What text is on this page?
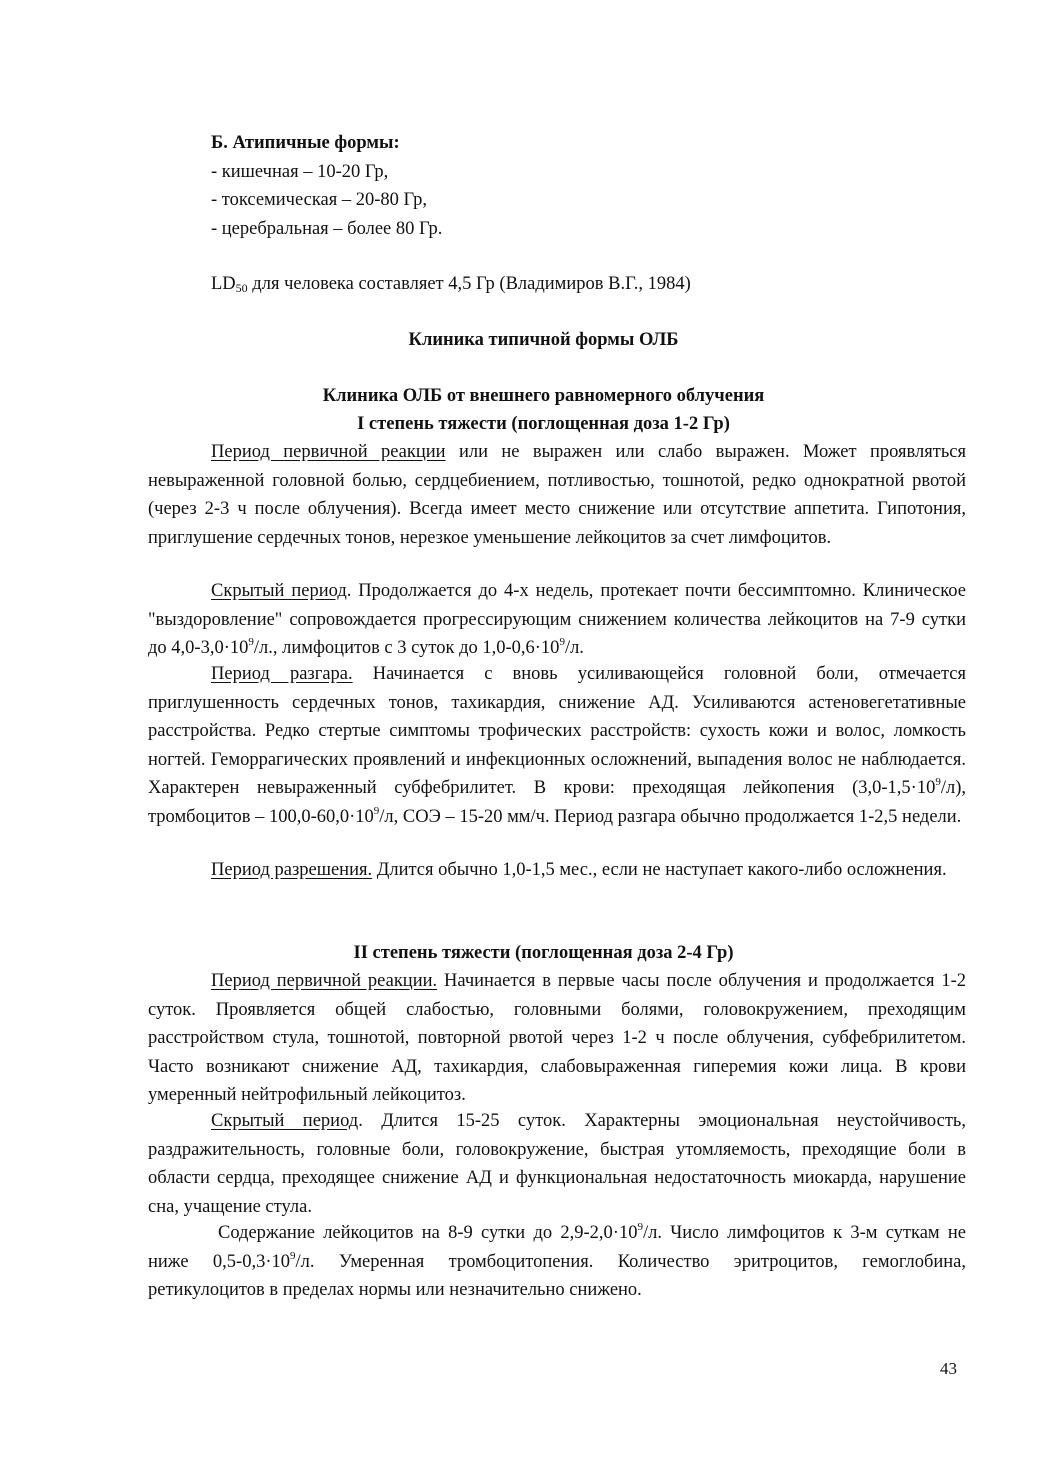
Б. Атипичные формы:
- кишечная – 10-20 Гр,
- токсемическая – 20-80 Гр,
- церебральная – более 80 Гр.

$LD_{50}$ для человека составляет 4,5 Гр (Владимиров В.Г., 1984)

Клиника типичной формы ОЛБ

Клиника ОЛБ от внешнего равномерного облучения

I степень тяжести (поглощенная доза 1-2 Гр)

Период первичной реакции или не выражен или слабо выражен. Может проявляться невыраженной головной болью, сердцебиением, потливостью, тошнотой, редко однократной рвотой (через 2-3 ч после облучения). Всегда имеет место снижение или отсутствие аппетита. Гипотония, приглушение сердечных тонов, нерезкое уменьшение лейкоцитов за счет лимфоцитов.

Скрытый период. Продолжается до 4-х недель, протекает почти бессимптомно. Клиническое "выздоровление" сопровождается прогрессирующим снижением количества лейкоцитов на 7-9 сутки до $4,0-3,0\cdot 10^9/л$., лимфоцитов с 3 суток до $1,0-0,6\cdot 10^9/л$.

Период разгара. Начинается с вновь усиливающейся головной боли, отмечается приглушенность сердечных тонов, тахикардия, снижение АД. Усиливаются астеновегетативные расстройства. Редко стертые симптомы трофических расстройств: сухость кожи и волос, ломкость ногтей. Геморрагических проявлений и инфекционных осложнений, выпадения волос не наблюдается. Характерен невыраженный субфебрилитет. В крови: преходящая лейкопения $(3,0-1,5\cdot 10^9/л)$, тромбоцитов – $100,0-60,0\cdot 10^9/л$, СОЭ – 15-20 мм/ч. Период разгара обычно продолжается 1-2,5 недели.

Период разрешения. Длится обычно 1,0-1,5 мес., если не наступает какого-либо осложнения.

II степень тяжести (поглощенная доза 2-4 Гр)

Период первичной реакции. Начинается в первые часы после облучения и продолжается 1-2 суток. Проявляется общей слабостью, головными болями, головокружением, преходящим расстройством стула, тошнотой, повторной рвотой через 1-2 ч после облучения, субфебрилитетом. Часто возникают снижение АД, тахикардия, слабовыраженная гиперемия кожи лица. В крови умеренный нейтрофильный лейкоцитоз.

Скрытый период. Длится 15-25 суток. Характерны эмоциональная неустойчивость, раздражительность, головные боли, головокружение, быстрая утомляемость, преходящие боли в области сердца, преходящее снижение АД и функциональная недостаточность миокарда, нарушение сна, учащение стула.

Содержание лейкоцитов на 8-9 сутки до $2,9-2,0\cdot 10^9/л$. Число лимфоцитов к 3-м суткам не ниже $0,5-0,3\cdot 10^9/л$. Умеренная тромбоцитопения. Количество эритроцитов, гемоглобина, ретикулоцитов в пределах нормы или незначительно снижено.

43
